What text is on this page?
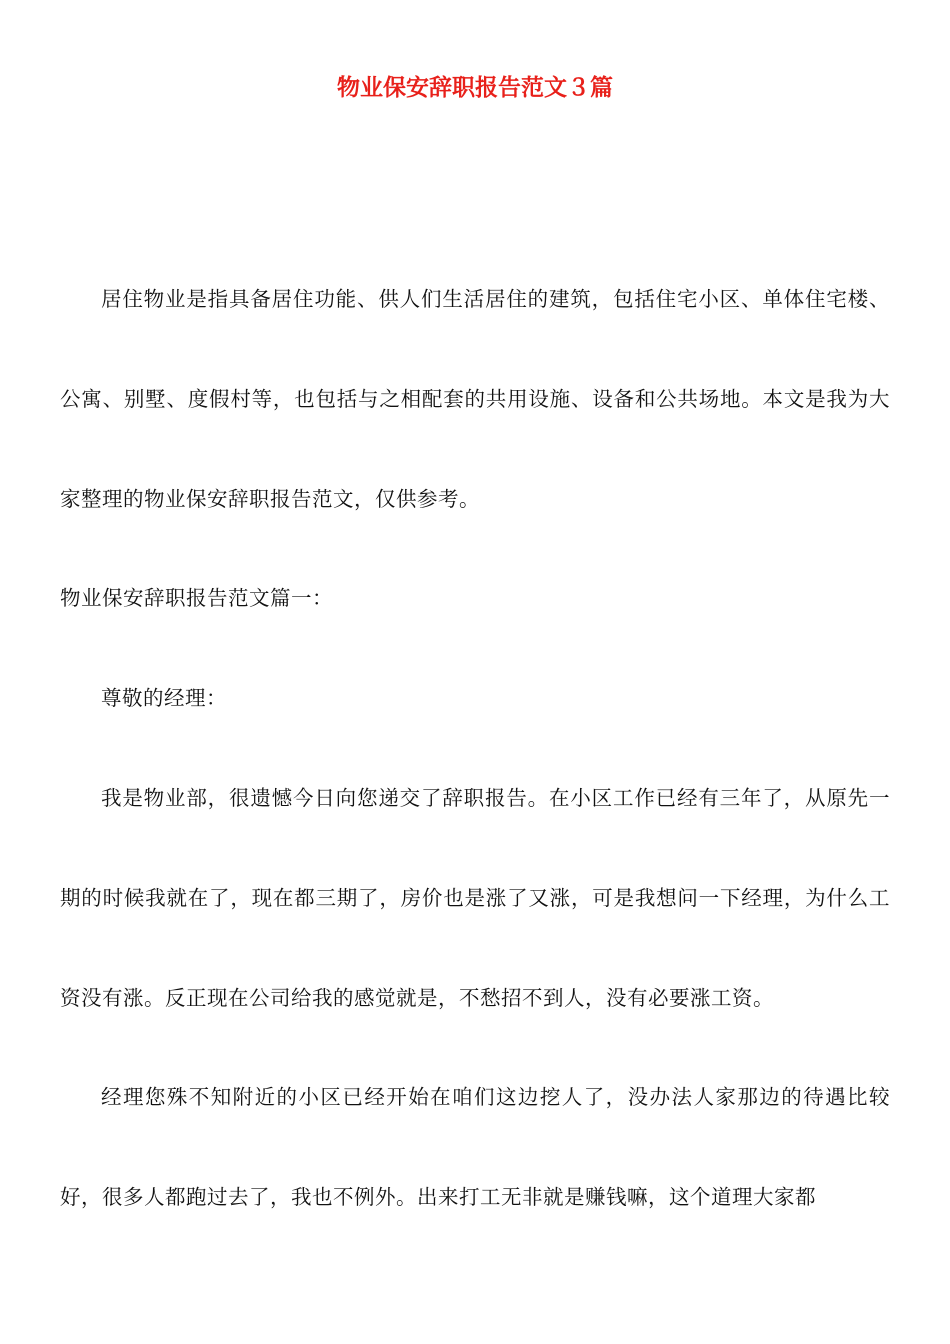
物业保安辞职报告范文３篇

居住物业是指具备居住功能、供人们生活居住的建筑，包括住宅小区、单体住宅楼、公寓、别墅、度假村等，也包括与之相配套的共用设施、设备和公共场地。本文是我为大家整理的物业保安辞职报告范文，仅供参考。

物业保安辞职报告范文篇一：

尊敬的经理：

我是物业部，很遗憾今日向您递交了辞职报告。在小区工作已经有三年了，从原先一期的时候我就在了，现在都三期了，房价也是涨了又涨，可是我想问一下经理，为什么工资没有涨。反正现在公司给我的感觉就是，不愁招不到人，没有必要涨工资。

经理您殊不知附近的小区已经开始在咱们这边挖人了，没办法人家那边的待遇比较好，很多人都跑过去了，我也不例外。出来打工无非就是赚钱嘛，这个道理大家都
